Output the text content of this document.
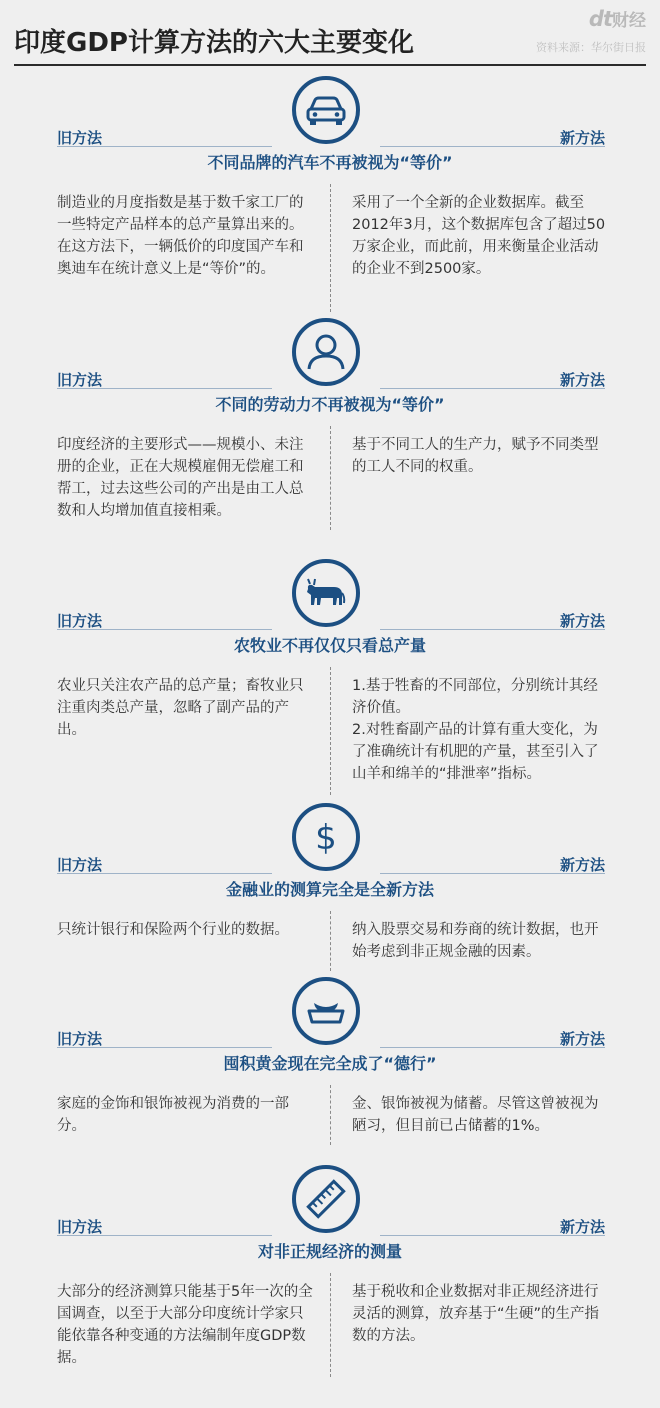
印度GDP计算方法的六大主要变化
dt财经
资料来源：华尔街日报
旧方法	新方法
不同品牌的汽车不再被视为“等价”
制造业的月度指数是基于数千家工厂的一些特定产品样本的总产量算出来的。在这方法下，一辆低价的印度国产车和奥迪车在统计意义上是“等价”的。
采用了一个全新的企业数据库。截至2012年3月，这个数据库包含了超过50万家企业，而此前，用来衡量企业活动的企业不到2500家。
旧方法	新方法
不同的劳动力不再被视为“等价”
印度经济的主要形式——规模小、未注册的企业，正在大规模雇佣无偿雇工和帮工，过去这些公司的产出是由工人总数和人均增加值直接相乘。
基于不同工人的生产力，赋予不同类型的工人不同的权重。
旧方法	新方法
农牧业不再仅仅只看总产量
农业只关注农产品的总产量；畜牧业只注重肉类总产量，忽略了副产品的产出。
1.基于牲畜的不同部位，分别统计其经济价值。
2.对牲畜副产品的计算有重大变化，为了准确统计有机肥的产量，甚至引入了山羊和绵羊的“排泄率”指标。
$
旧方法	新方法
金融业的测算完全是全新方法
只统计银行和保险两个行业的数据。	纳入股票交易和券商的统计数据，也开始考虑到非正规金融的因素。
旧方法	新方法
囤积黄金现在完全成了“德行”
家庭的金饰和银饰被视为消费的一部分。
金、银饰被视为储蓄。尽管这曾被视为陋习，但目前已占储蓄的1%。
旧方法	新方法
对非正规经济的测量
大部分的经济测算只能基于5年一次的全国调查，以至于大部分印度统计学家只能依靠各种变通的方法编制年度GDP数据。
基于税收和企业数据对非正规经济进行灵活的测算，放弃基于“生硬”的生产指数的方法。
